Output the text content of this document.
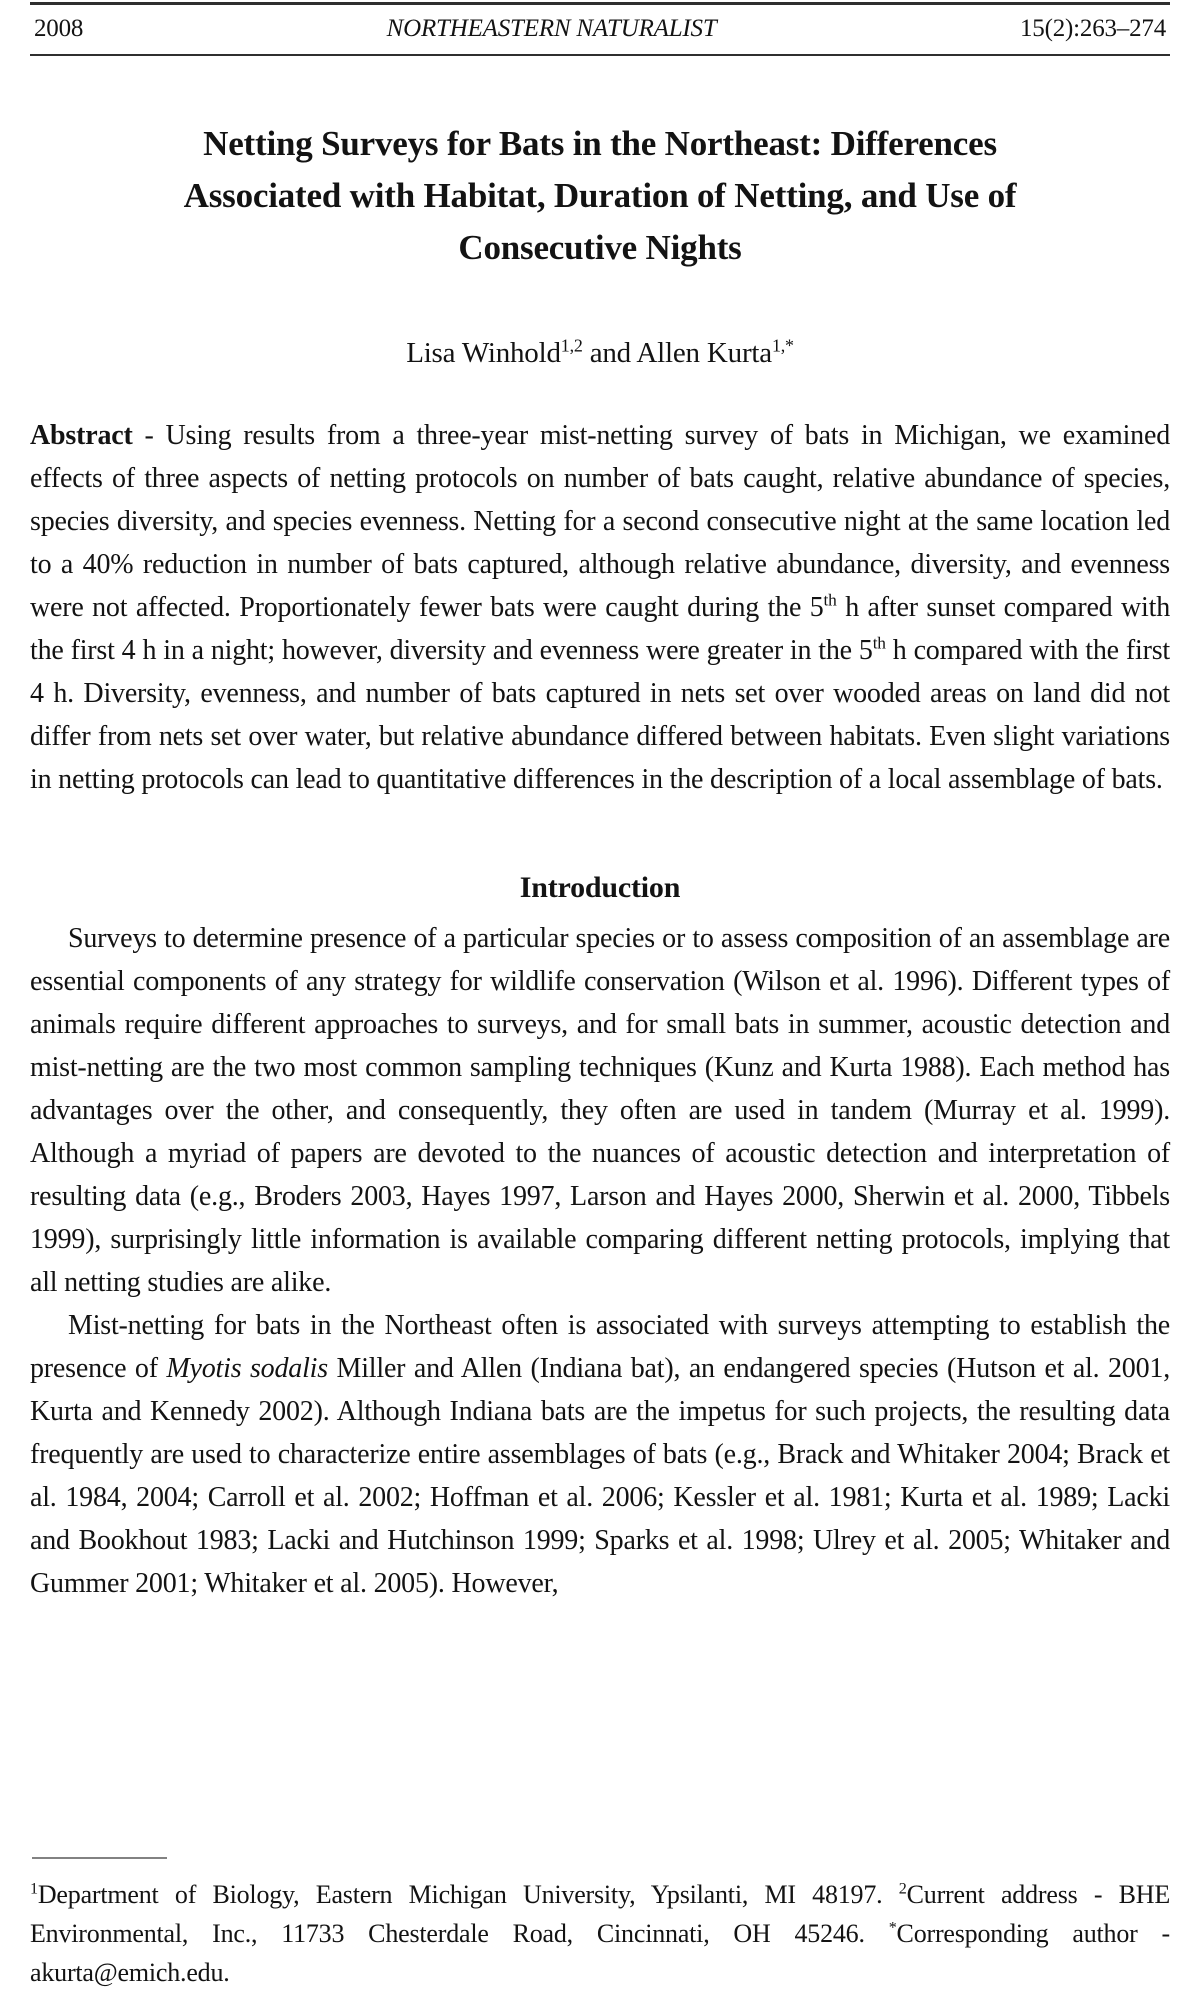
2008	NORTHEASTERN NATURALIST	15(2):263–274
Netting Surveys for Bats in the Northeast: Differences
Associated with Habitat, Duration of Netting, and Use of
Consecutive Nights
Lisa Winhold$^{1,2}$ and Allen Kurta$^{1,*}$

Abstract - Using results from a three-year mist-netting survey of bats in Michigan, we examined effects of three aspects of netting protocols on number of bats caught, relative abundance of species, species diversity, and species evenness. Netting for a second consecutive night at the same location led to a 40% reduction in number of bats captured, although relative abundance, diversity, and evenness were not affected. Proportionately fewer bats were caught during the 5th h after sunset compared with the first 4 h in a night; however, diversity and evenness were greater in the 5th h compared with the first 4 h. Diversity, evenness, and number of bats captured in nets set over wooded areas on land did not differ from nets set over water, but relative abundance differed between habitats. Even slight variations in netting protocols can lead to quantitative differences in the description of a local assemblage of bats.

Introduction

Surveys to determine presence of a particular species or to assess composition of an assemblage are essential components of any strategy for wildlife conservation (Wilson et al. 1996). Different types of animals require different approaches to surveys, and for small bats in summer, acoustic detection and mist-netting are the two most common sampling techniques (Kunz and Kurta 1988). Each method has advantages over the other, and consequently, they often are used in tandem (Murray et al. 1999). Although a myriad of papers are devoted to the nuances of acoustic detection and interpretation of resulting data (e.g., Broders 2003, Hayes 1997, Larson and Hayes 2000, Sherwin et al. 2000, Tibbels 1999), surprisingly little information is available comparing different netting protocols, implying that all netting studies are alike.

Mist-netting for bats in the Northeast often is associated with surveys attempting to establish the presence of Myotis sodalis Miller and Allen (Indiana bat), an endangered species (Hutson et al. 2001, Kurta and Kennedy 2002). Although Indiana bats are the impetus for such projects, the resulting data frequently are used to characterize entire assemblages of bats (e.g., Brack and Whitaker 2004; Brack et al. 1984, 2004; Carroll et al. 2002; Hoffman et al. 2006; Kessler et al. 1981; Kurta et al. 1989; Lacki and Bookhout 1983; Lacki and Hutchinson 1999; Sparks et al. 1998; Ulrey et al. 2005; Whitaker and Gummer 2001; Whitaker et al. 2005). However,

$^1$Department of Biology, Eastern Michigan University, Ypsilanti, MI 48197. $^2$Current address - BHE Environmental, Inc., 11733 Chesterdale Road, Cincinnati, OH 45246. *Corresponding author - akurta@emich.edu.
